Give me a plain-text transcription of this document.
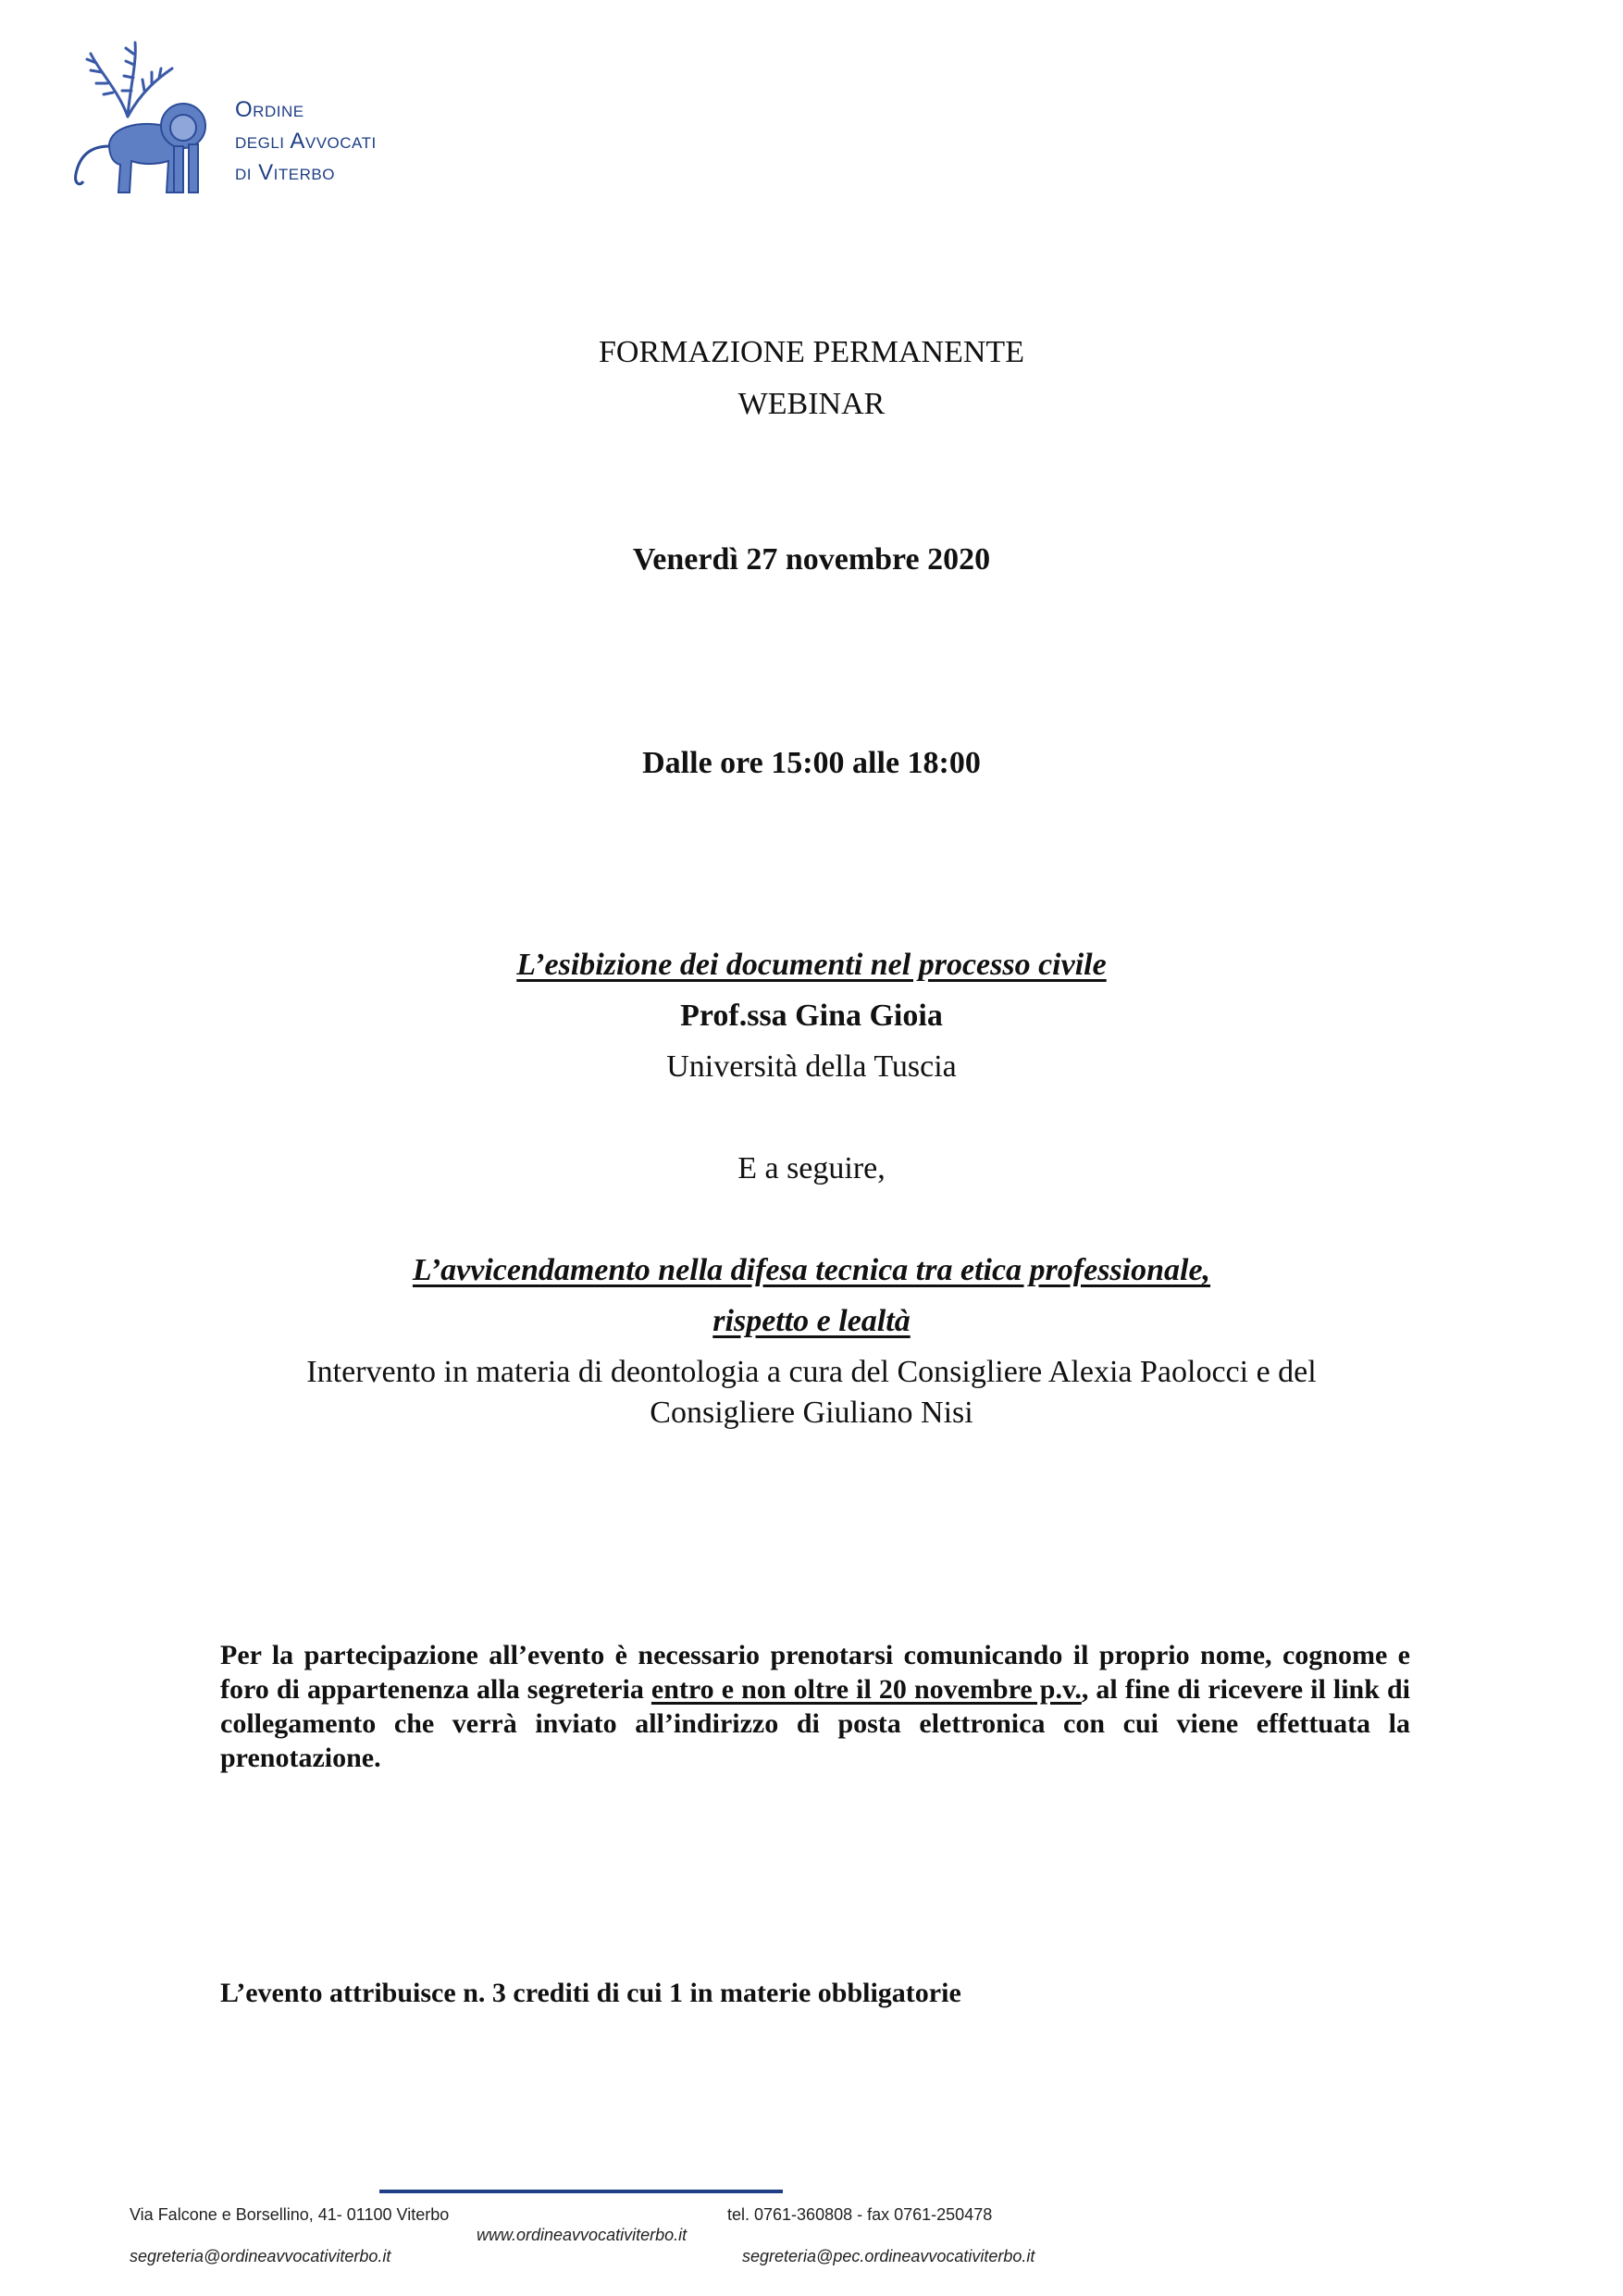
Ordine
degli Avvocati
di Viterbo
FORMAZIONE PERMANENTE
WEBINAR
Venerdì 27 novembre 2020
Dalle ore 15:00 alle 18:00
L’esibizione dei documenti nel processo civile
Prof.ssa Gina Gioia
Università della Tuscia
E a seguire,
L’avvicendamento nella difesa tecnica tra etica professionale,
rispetto e lealtà
Intervento in materia di deontologia a cura del Consigliere Alexia Paolocci e del
Consigliere Giuliano Nisi
Per la partecipazione all’evento è necessario prenotarsi comunicando il proprio nome, cognome e foro di appartenenza alla segreteria entro e non oltre il 20 novembre p.v., al fine di ricevere il link di collegamento che verrà inviato all’indirizzo di posta elettronica con cui viene effettuata la prenotazione.
L’evento attribuisce n. 3 crediti di cui 1 in materie obbligatorie
Via Falcone e Borsellino, 41- 01100 Viterbo	tel. 0761-360808 - fax 0761-250478
www.ordineavvocativiterbo.it
segreteria@ordineavvocativiterbo.it	segreteria@pec.ordineavvocativiterbo.it
